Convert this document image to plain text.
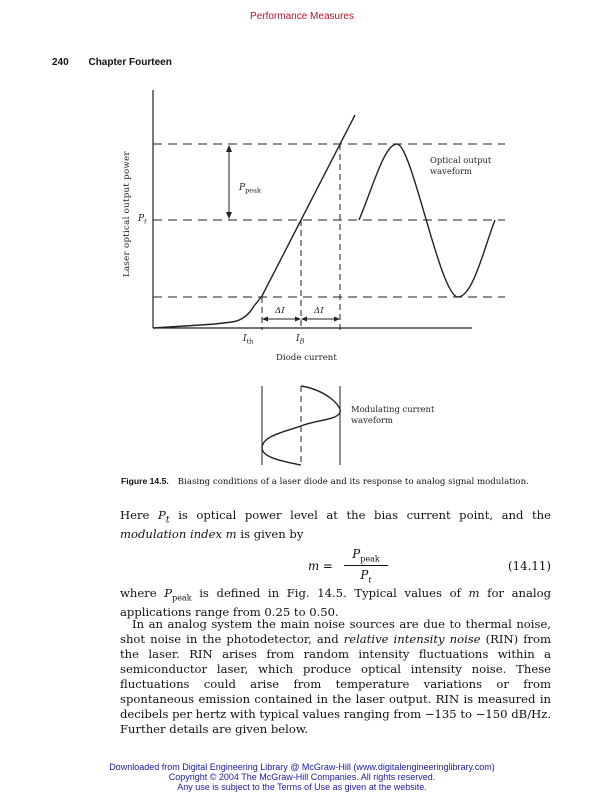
Performance Measures
240 Chapter Fourteen
Laser optical output power	$P_{peak}$
$P_t$
ΔI	ΔI
$I_{th}$	$I_B$
Diode current
Optical output
waveform
Modulating current
waveform
Figure 14.5. Biasing conditions of a laser diode and its response to analog signal modulation.
Here $P_t$ is optical power level at the bias current point, and the modulation index m is given by
m =
$P_{peak}$
$P_t$
(14.11)
where $P_{peak}$ is defined in Fig. 14.5. Typical values of m for analog applications range from 0.25 to 0.50.
In an analog system the main noise sources are due to thermal noise, shot noise in the photodetector, and relative intensity noise (RIN) from the laser. RIN arises from random intensity fluctuations within a semiconductor laser, which produce optical intensity noise. These fluctuations could arise from temperature variations or from spontaneous emission contained in the laser output. RIN is measured in decibels per hertz with typical values ranging from −135 to −150 dB/Hz. Further details are given below.
Downloaded from Digital Engineering Library @ McGraw-Hill (www.digitalengineeringlibrary.com)
Copyright © 2004 The McGraw-Hill Companies. All rights reserved.
Any use is subject to the Terms of Use as given at the website.
